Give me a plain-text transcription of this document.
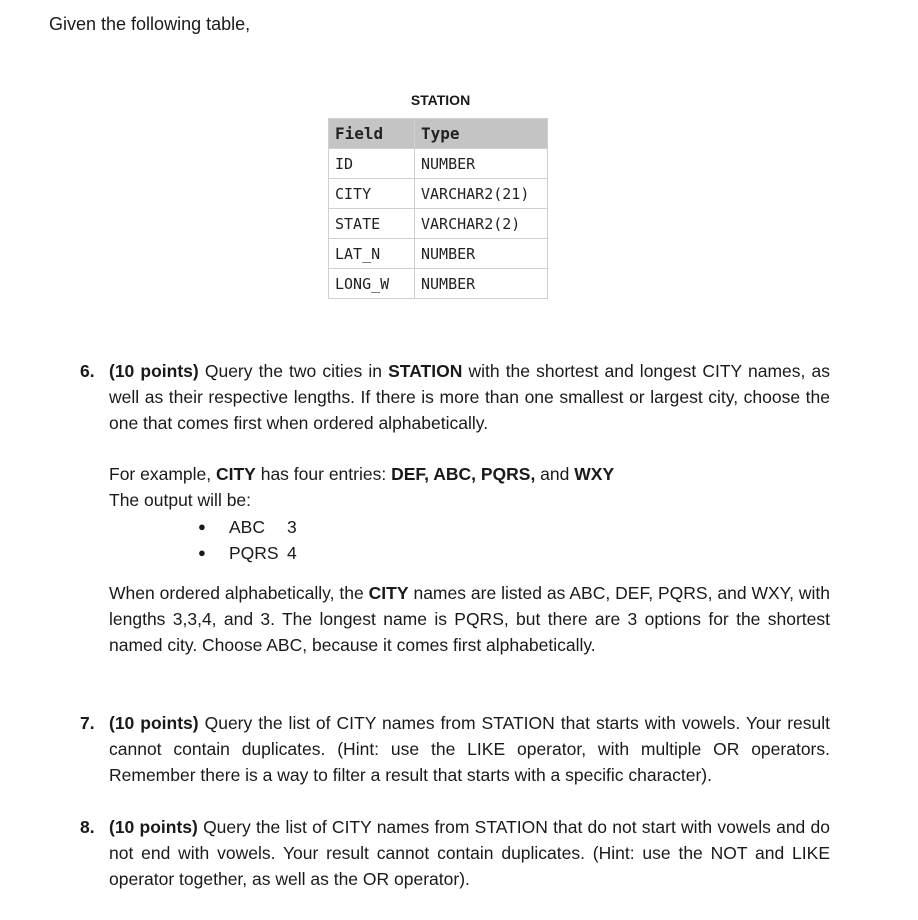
Given the following table,
STATION
Field	Type
ID	NUMBER
CITY	VARCHAR2(21)
STATE	VARCHAR2(2)
LAT_N	NUMBER
LONG_W	NUMBER
6. (10 points) Query the two cities in STATION with the shortest and longest CITY names, as well as their respective lengths. If there is more than one smallest or largest city, choose the one that comes first when ordered alphabetically.
For example, CITY has four entries: DEF, ABC, PQRS, and WXY
The output will be:
● ABC 3
● PQRS 4
When ordered alphabetically, the CITY names are listed as ABC, DEF, PQRS, and WXY, with lengths 3,3,4, and 3. The longest name is PQRS, but there are 3 options for the shortest named city. Choose ABC, because it comes first alphabetically.
7. (10 points) Query the list of CITY names from STATION that starts with vowels. Your result cannot contain duplicates. (Hint: use the LIKE operator, with multiple OR operators. Remember there is a way to filter a result that starts with a specific character).
8. (10 points) Query the list of CITY names from STATION that do not start with vowels and do not end with vowels. Your result cannot contain duplicates. (Hint: use the NOT and LIKE operator together, as well as the OR operator).
